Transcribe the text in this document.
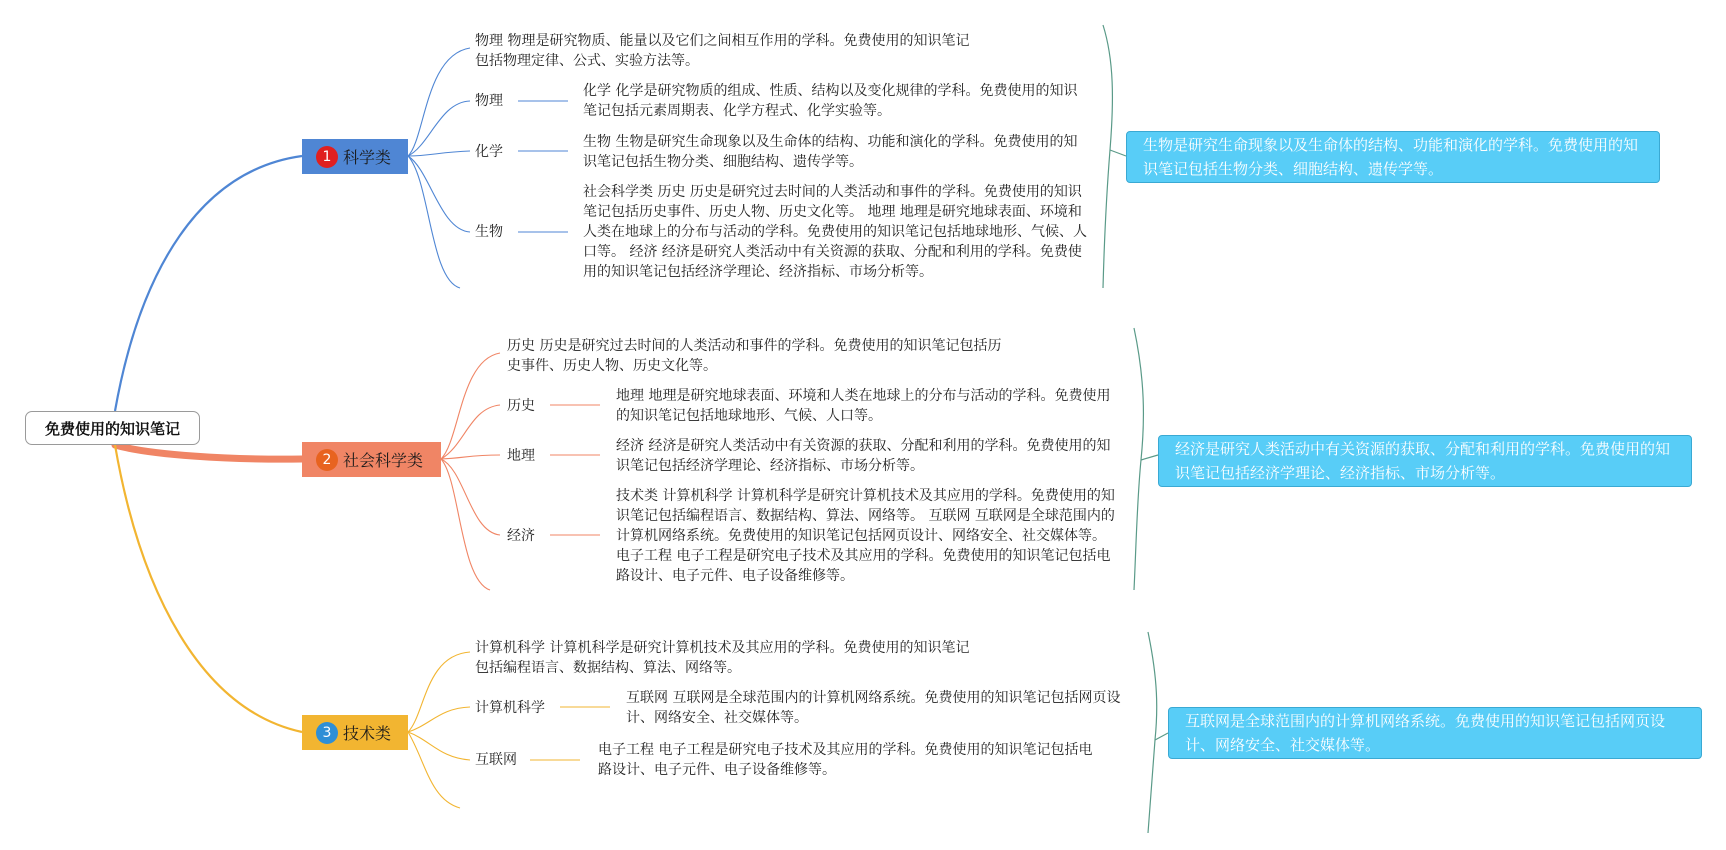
免费使用的知识笔记
1 科学类
物理 物理是研究物质、能量以及它们之间相互作用的学科。免费使用的知识笔记包括物理定律、公式、实验方法等。
物理
化学 化学是研究物质的组成、性质、结构以及变化规律的学科。免费使用的知识笔记包括元素周期表、化学方程式、化学实验等。
化学
生物 生物是研究生命现象以及生命体的结构、功能和演化的学科。免费使用的知识笔记包括生物分类、细胞结构、遗传学等。
生物
社会科学类 历史 历史是研究过去时间的人类活动和事件的学科。免费使用的知识笔记包括历史事件、历史人物、历史文化等。 地理 地理是研究地球表面、环境和人类在地球上的分布与活动的学科。免费使用的知识笔记包括地球地形、气候、人口等。 经济 经济是研究人类活动中有关资源的获取、分配和利用的学科。免费使用的知识笔记包括经济学理论、经济指标、市场分析等。
生物是研究生命现象以及生命体的结构、功能和演化的学科。免费使用的知识笔记包括生物分类、细胞结构、遗传学等。
2 社会科学类
历史 历史是研究过去时间的人类活动和事件的学科。免费使用的知识笔记包括历史事件、历史人物、历史文化等。
历史
地理 地理是研究地球表面、环境和人类在地球上的分布与活动的学科。免费使用的知识笔记包括地球地形、气候、人口等。
地理
经济 经济是研究人类活动中有关资源的获取、分配和利用的学科。免费使用的知识笔记包括经济学理论、经济指标、市场分析等。
经济
技术类 计算机科学 计算机科学是研究计算机技术及其应用的学科。免费使用的知识笔记包括编程语言、数据结构、算法、网络等。 互联网 互联网是全球范围内的计算机网络系统。免费使用的知识笔记包括网页设计、网络安全、社交媒体等。 电子工程 电子工程是研究电子技术及其应用的学科。免费使用的知识笔记包括电路设计、电子元件、电子设备维修等。
经济是研究人类活动中有关资源的获取、分配和利用的学科。免费使用的知识笔记包括经济学理论、经济指标、市场分析等。
3 技术类
计算机科学 计算机科学是研究计算机技术及其应用的学科。免费使用的知识笔记包括编程语言、数据结构、算法、网络等。
计算机科学
互联网 互联网是全球范围内的计算机网络系统。免费使用的知识笔记包括网页设计、网络安全、社交媒体等。
互联网
电子工程 电子工程是研究电子技术及其应用的学科。免费使用的知识笔记包括电路设计、电子元件、电子设备维修等。
互联网是全球范围内的计算机网络系统。免费使用的知识笔记包括网页设计、网络安全、社交媒体等。
